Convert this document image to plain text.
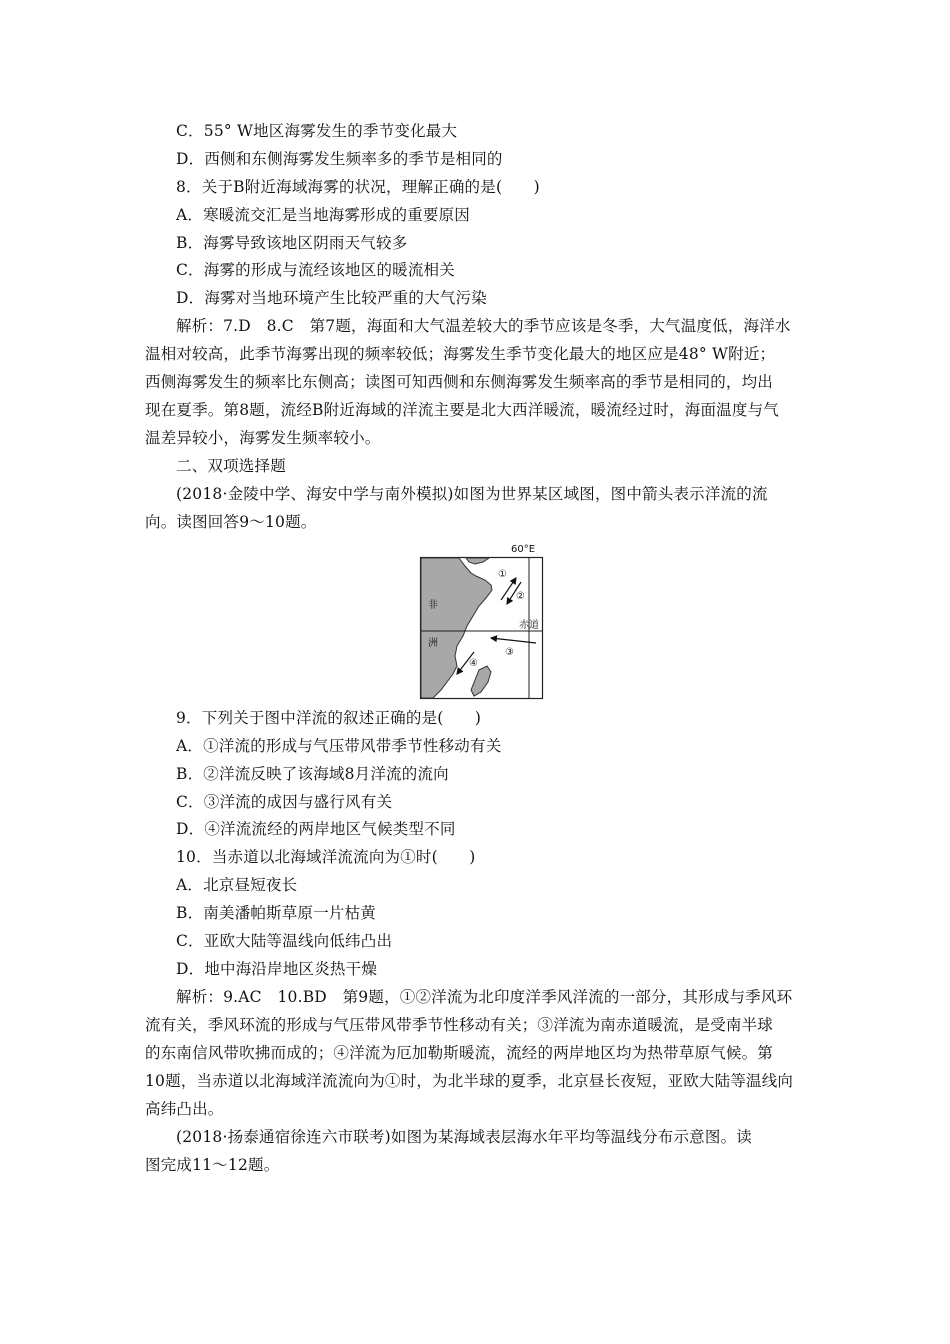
C．55° W地区海雾发生的季节变化最大
D．西侧和东侧海雾发生频率多的季节是相同的
8．关于B附近海域海雾的状况，理解正确的是(　　)
A．寒暖流交汇是当地海雾形成的重要原因
B．海雾导致该地区阴雨天气较多
C．海雾的形成与流经该地区的暖流相关
D．海雾对当地环境产生比较严重的大气污染
解析：7.D　8.C　第7题，海面和大气温差较大的季节应该是冬季，大气温度低，海洋水
温相对较高，此季节海雾出现的频率较低；海雾发生季节变化最大的地区应是48° W附近；
西侧海雾发生的频率比东侧高；读图可知西侧和东侧海雾发生频率高的季节是相同的，均出
现在夏季。第8题，流经B附近海域的洋流主要是北大西洋暖流，暖流经过时，海面温度与气
温差异较小，海雾发生频率较小。
二、双项选择题
(2018·金陵中学、海安中学与南外模拟)如图为世界某区域图，图中箭头表示洋流的流
向。读图回答9～10题。
60°E
非
洲
赤道
①
②
③
④
9．下列关于图中洋流的叙述正确的是(　　)
A．①洋流的形成与气压带风带季节性移动有关
B．②洋流反映了该海域8月洋流的流向
C．③洋流的成因与盛行风有关
D．④洋流流经的两岸地区气候类型不同
10．当赤道以北海域洋流流向为①时(　　)
A．北京昼短夜长
B．南美潘帕斯草原一片枯黄
C．亚欧大陆等温线向低纬凸出
D．地中海沿岸地区炎热干燥
解析：9.AC　10.BD　第9题，①②洋流为北印度洋季风洋流的一部分，其形成与季风环
流有关，季风环流的形成与气压带风带季节性移动有关；③洋流为南赤道暖流，是受南半球
的东南信风带吹拂而成的；④洋流为厄加勒斯暖流，流经的两岸地区均为热带草原气候。第
10题，当赤道以北海域洋流流向为①时，为北半球的夏季，北京昼长夜短，亚欧大陆等温线向
高纬凸出。
(2018·扬泰通宿徐连六市联考)如图为某海域表层海水年平均等温线分布示意图。读
图完成11～12题。
